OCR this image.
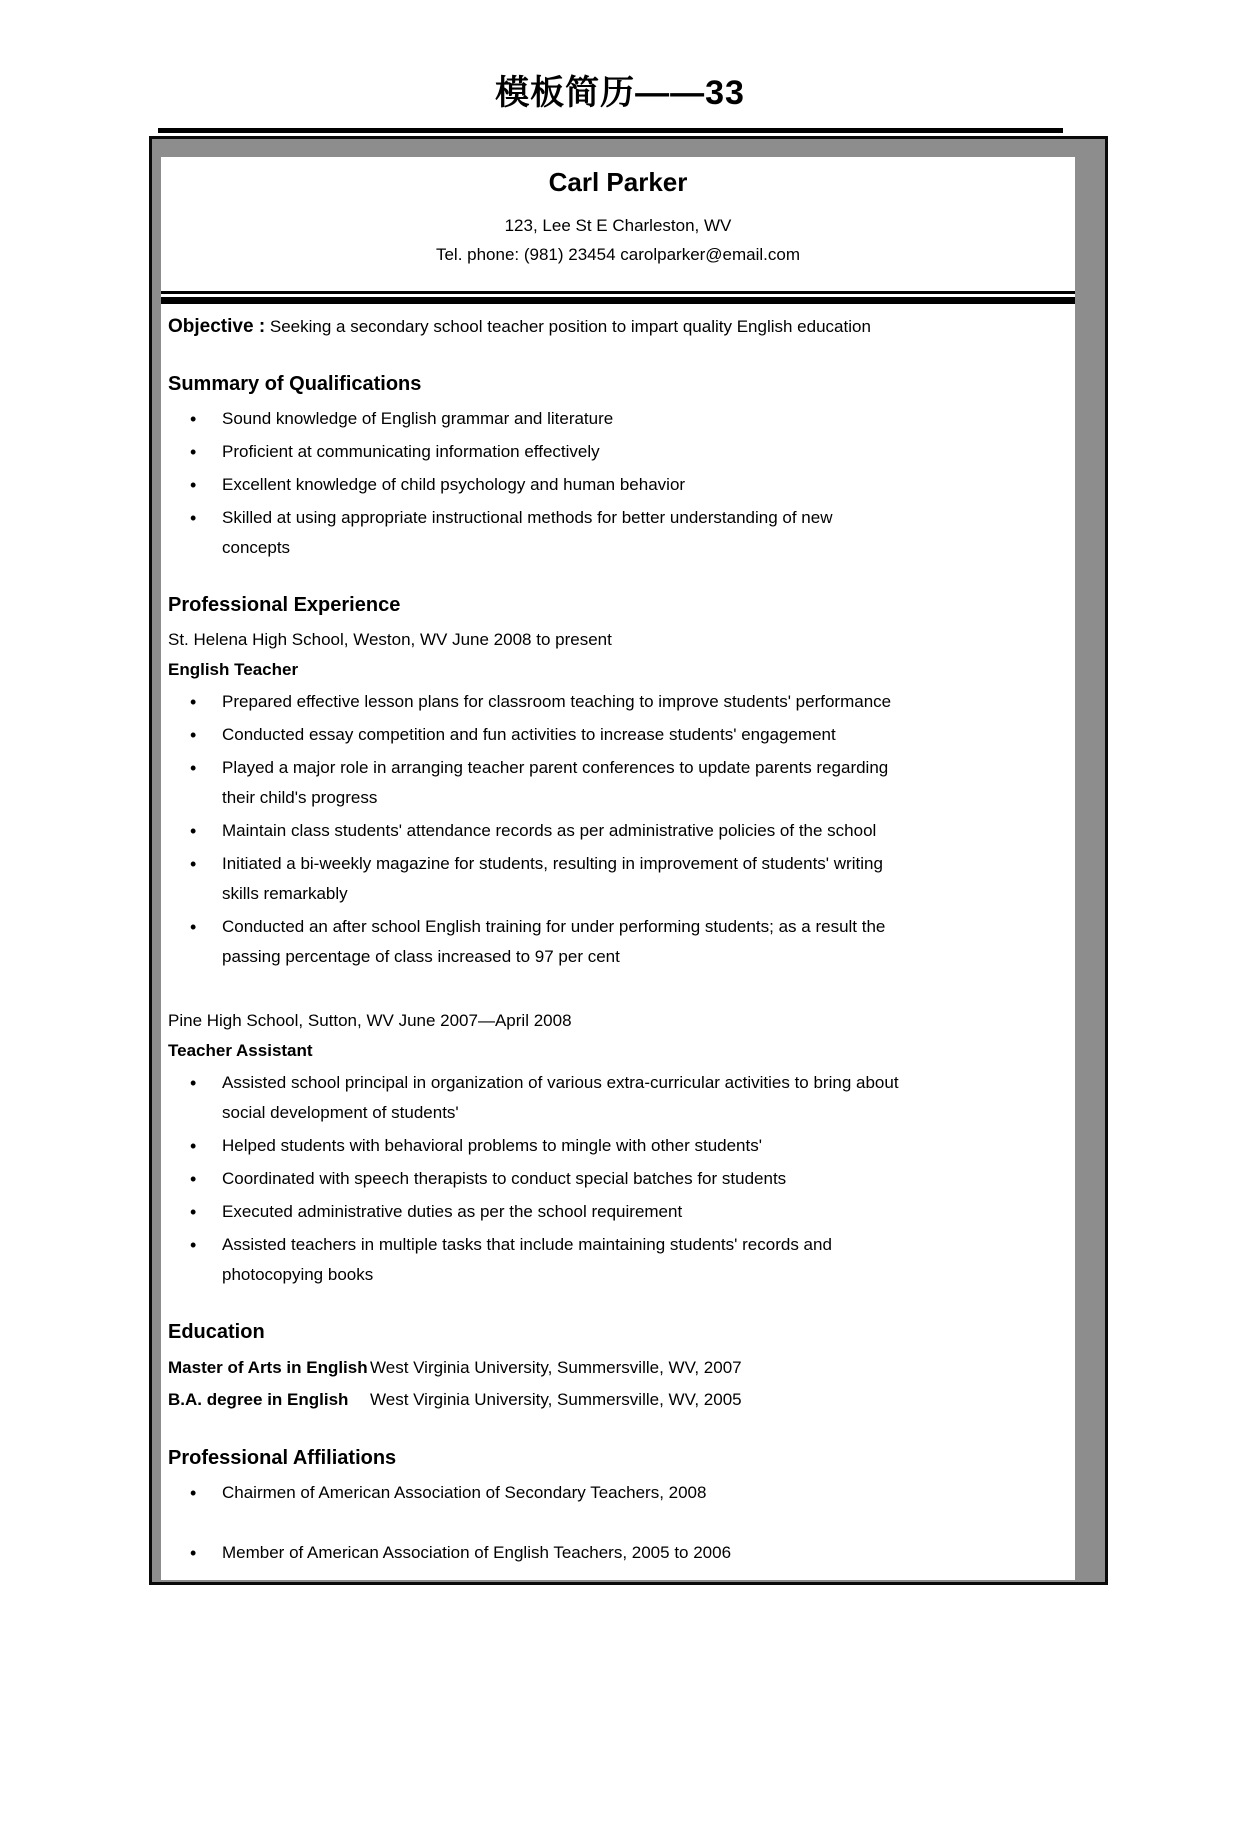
模板简历——33
Carl Parker
123, Lee St E Charleston, WV
Tel. phone: (981) 23454 carolparker@email.com

Objective : Seeking a secondary school teacher position to impart quality English education

Summary of Qualifications
• Sound knowledge of English grammar and literature
• Proficient at communicating information effectively
• Excellent knowledge of child psychology and human behavior
• Skilled at using appropriate instructional methods for better understanding of new
concepts
Professional Experience
St. Helena High School, Weston, WV June 2008 to present
English Teacher
• Prepared effective lesson plans for classroom teaching to improve students' performance
• Conducted essay competition and fun activities to increase students' engagement
• Played a major role in arranging teacher parent conferences to update parents regarding
their child's progress
• Maintain class students' attendance records as per administrative policies of the school
• Initiated a bi-weekly magazine for students, resulting in improvement of students' writing
skills remarkably
• Conducted an after school English training for under performing students; as a result the
passing percentage of class increased to 97 per cent
Pine High School, Sutton, WV June 2007—April 2008
Teacher Assistant
• Assisted school principal in organization of various extra-curricular activities to bring about
social development of students'
• Helped students with behavioral problems to mingle with other students'
• Coordinated with speech therapists to conduct special batches for students
• Executed administrative duties as per the school requirement
• Assisted teachers in multiple tasks that include maintaining students' records and
photocopying books
Education
Master of Arts in English West Virginia University, Summersville, WV, 2007
B.A. degree in English West Virginia University, Summersville, WV, 2005
Professional Affiliations
• Chairmen of American Association of Secondary Teachers, 2008
• Member of American Association of English Teachers, 2005 to 2006
